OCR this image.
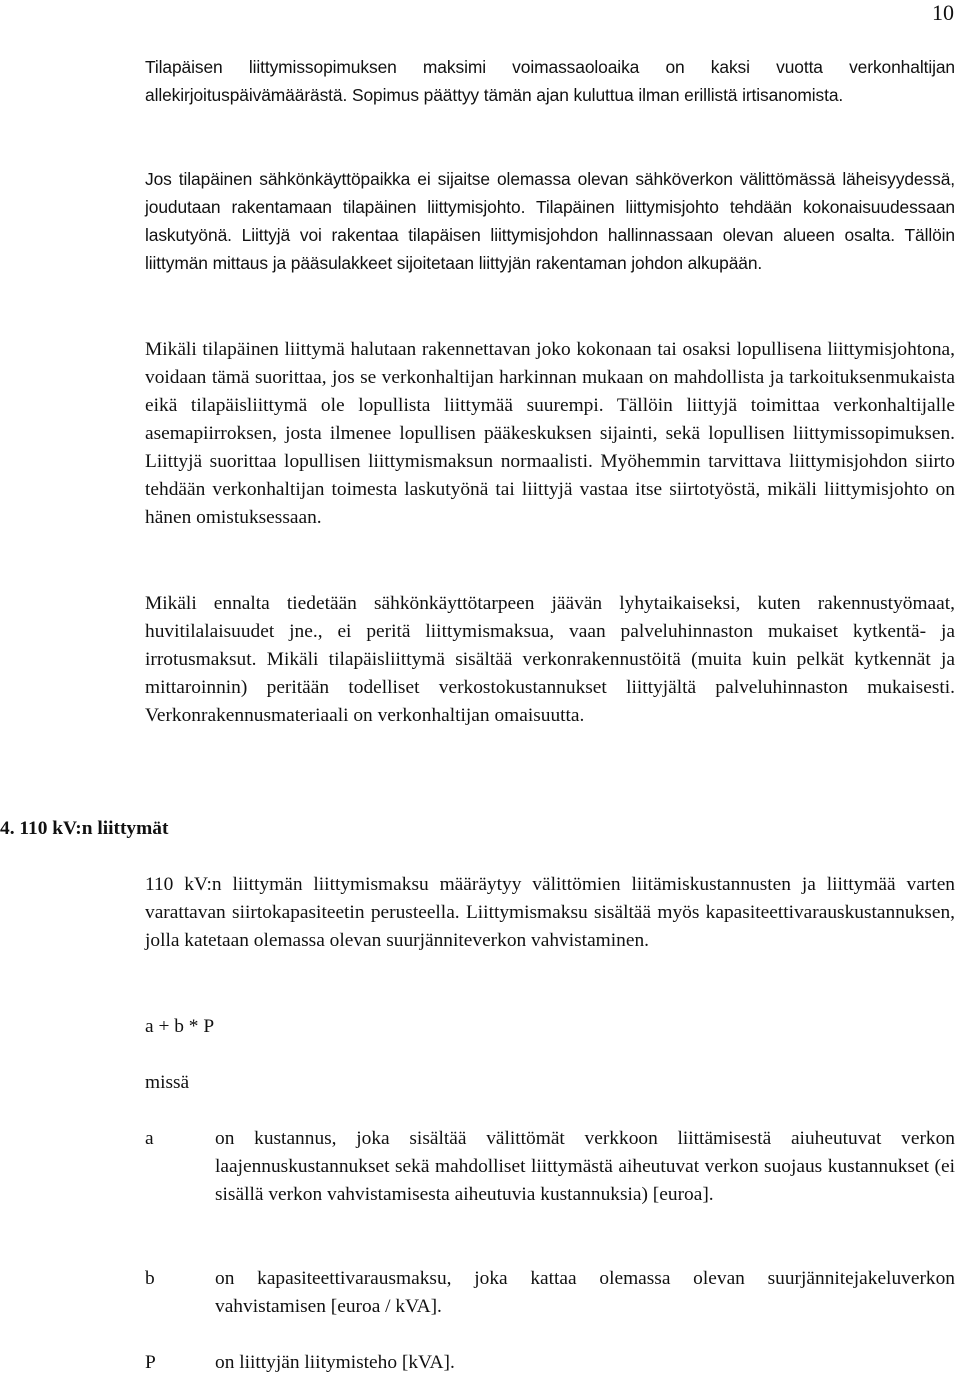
10

Tilapäisen liittymissopimuksen maksimi voimassaoloaika on kaksi vuotta verkonhaltijan allekirjoituspäivämäärästä. Sopimus päättyy tämän ajan kuluttua ilman erillistä irtisanomista.

Jos tilapäinen sähkönkäyttöpaikka ei sijaitse olemassa olevan sähköverkon välittömässä läheisyydessä, joudutaan rakentamaan tilapäinen liittymisjohto. Tilapäinen liittymisjohto tehdään kokonaisuudessaan laskutyönä. Liittyjä voi rakentaa tilapäisen liittymisjohdon hallinnassaan olevan alueen osalta. Tällöin liittymän mittaus ja pääsulakkeet sijoitetaan liittyjän rakentaman johdon alkupään.

Mikäli tilapäinen liittymä halutaan rakennettavan joko kokonaan tai osaksi lopullisena liittymisjohtona, voidaan tämä suorittaa, jos se verkonhaltijan harkinnan mukaan on mahdollista ja tarkoituksenmukaista eikä tilapäisliittymä ole lopullista liittymää suurempi. Tällöin liittyjä toimittaa verkonhaltijalle asemapiirroksen, josta ilmenee lopullisen pääkeskuksen sijainti, sekä lopullisen liittymissopimuksen. Liittyjä suorittaa lopullisen liittymismaksun normaalisti. Myöhemmin tarvittava liittymisjohdon siirto tehdään verkonhaltijan toimesta laskutyönä tai liittyjä vastaa itse siirtotyöstä, mikäli liittymisjohto on hänen omistuksessaan.

Mikäli ennalta tiedetään sähkönkäyttötarpeen jäävän lyhytaikaiseksi, kuten rakennustyömaat, huvitilalaisuudet jne., ei peritä liittymismaksua, vaan palveluhinnaston mukaiset kytkentä- ja irrotusmaksut. Mikäli tilapäisliittymä sisältää verkonrakennustöitä (muita kuin pelkät kytkennät ja mittaroinnin) peritään todelliset verkostokustannukset liittyjältä palveluhinnaston mukaisesti. Verkonrakennusmateriaali on verkonhaltijan omaisuutta.

4. 110 kV:n liittymät

110 kV:n liittymän liittymismaksu määräytyy välittömien liitämiskustannusten ja liittymää varten varattavan siirtokapasiteetin perusteella. Liittymismaksu sisältää myös kapasiteettivarauskustannuksen, jolla katetaan olemassa olevan suurjänniteverkon vahvistaminen.

a + b * P

missä

a	on kustannus, joka sisältää välittömät verkkoon liittämisestä aiuheutuvat verkon laajennuskustannukset sekä mahdolliset liittymästä aiheutuvat verkon suojaus kustannukset (ei sisällä verkon vahvistamisesta aiheutuvia kustannuksia) [euroa].

b	on kapasiteettivarausmaksu, joka kattaa olemassa olevan suurjännitejakeluverkon vahvistamisen [euroa / kVA].

P	on liittyjän liitymisteho [kVA].
